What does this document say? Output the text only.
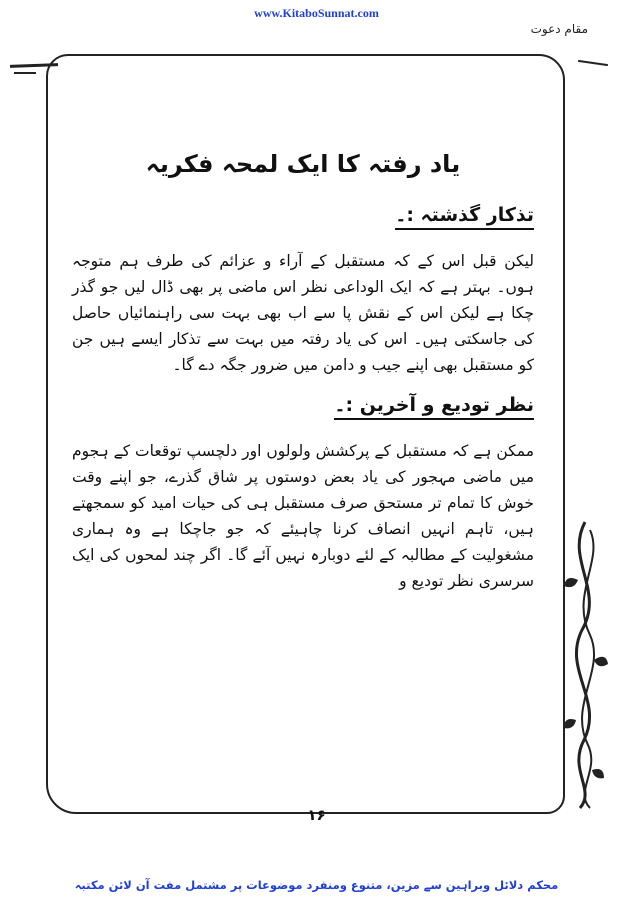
www.KitaboSunnat.com
مقام دعوت
یاد رفتہ کا ایک لمحہ فکریہ
تذکار گذشتہ :۔

لیکن قبل اس کے کہ مستقبل کے آراء و عزائم کی طرف ہم متوجہ ہوں۔ بہتر ہے کہ ایک الوداعی نظر اس ماضی پر بھی ڈال لیں جو گذر چکا ہے لیکن اس کے نقش پا سے اب بھی بہت سی راہنمائیاں حاصل کی جاسکتی ہیں۔ اس کی یاد رفتہ میں بہت سے تذکار ایسے ہیں جن کو مستقبل بھی اپنے جیب و دامن میں ضرور جگہ دے گا۔

نظر تودیع و آخرین :۔

ممکن ہے کہ مستقبل کے پرکشش ولولوں اور دلچسپ توقعات کے ہجوم میں ماضی مہجور کی یاد بعض دوستوں پر شاق گذرے، جو اپنے وقت خوش کا تمام تر مستحق صرف مستقبل ہی کی حیات امید کو سمجھتے ہیں، تاہم انہیں انصاف کرنا چاہیئے کہ جو جاچکا ہے وہ ہماری مشغولیت کے مطالبہ کے لئے دوبارہ نہیں آئے گا۔ اگر چند لمحوں کی ایک سرسری نظر تودیع و

۱۶
محکم دلائل وبراہین سے مزین، متنوع ومنفرد موضوعات پر مشتمل مفت آن لائن مکتبہ
